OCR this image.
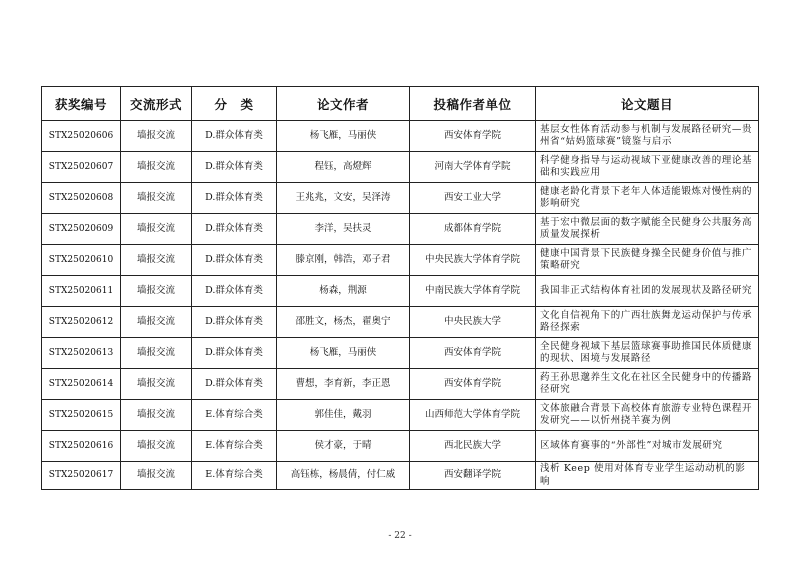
获奖编号	交流形式	分　类	论文作者	投稿作者单位	论文题目
STX25020606	墙报交流	D.群众体育类	杨飞雁，马丽侠	西安体育学院	基层女性体育活动参与机制与发展路径研究—贵州省“姑妈篮球赛”镜鉴与启示
STX25020607	墙报交流	D.群众体育类	程钰，高燈辉	河南大学体育学院	科学健身指导与运动视域下亚健康改善的理论基础和实践应用
STX25020608	墙报交流	D.群众体育类	王兆兆，文安，吴泽涛	西安工业大学	健康老龄化背景下老年人体适能锻炼对慢性病的影响研究
STX25020609	墙报交流	D.群众体育类	李洋，吴扶灵	成都体育学院	基于宏中微层面的数字赋能全民健身公共服务高质量发展探析
STX25020610	墙报交流	D.群众体育类	滕京刚，韩浩，邓子君	中央民族大学体育学院	健康中国背景下民族健身操全民健身价值与推广策略研究
STX25020611	墙报交流	D.群众体育类	杨森，荆源	中南民族大学体育学院	我国非正式结构体育社团的发展现状及路径研究
STX25020612	墙报交流	D.群众体育类	邵胜文，杨杰，翟奥宁	中央民族大学	文化自信视角下的广西壮族舞龙运动保护与传承路径探索
STX25020613	墙报交流	D.群众体育类	杨飞雁，马丽侠	西安体育学院	全民健身视域下基层篮球赛事助推国民体质健康的现状、困境与发展路径
STX25020614	墙报交流	D.群众体育类	曹想，李育新，李正恩	西安体育学院	药王孙思邈养生文化在社区全民健身中的传播路径研究
STX25020615	墙报交流	E.体育综合类	郭佳佳，戴羽	山西师范大学体育学院	文体旅融合背景下高校体育旅游专业特色课程开发研究——以忻州挠羊赛为例
STX25020616	墙报交流	E.体育综合类	侯才豪，于晴	西北民族大学	区域体育赛事的“外部性”对城市发展研究
STX25020617	墙报交流	E.体育综合类	高钰栋，杨晨倩，付仁威	西安翻译学院	浅析 Keep 使用对体育专业学生运动动机的影响
- 22 -
